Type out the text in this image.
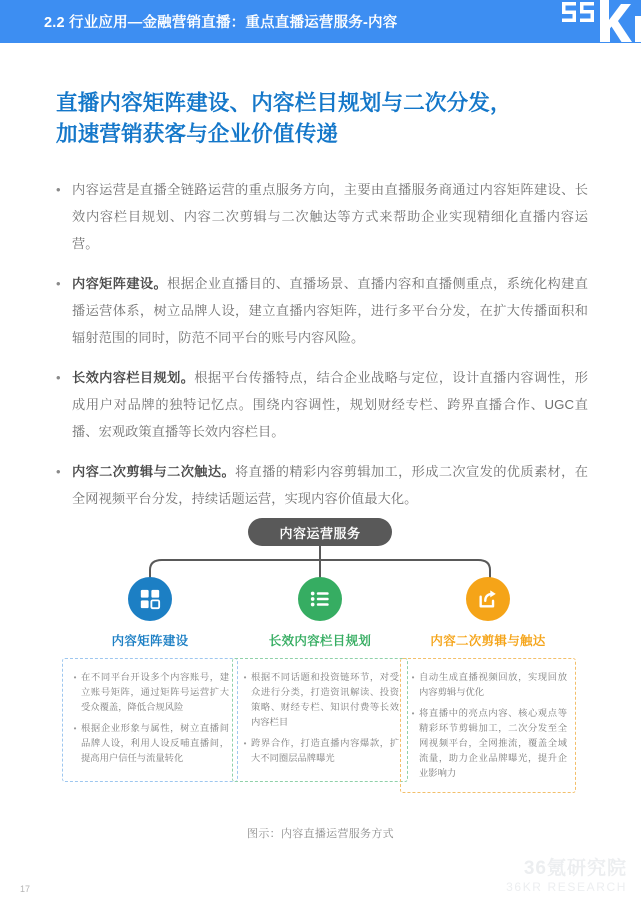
2.2 行业应用—金融营销直播：重点直播运营服务-内容
直播内容矩阵建设、内容栏目规划与二次分发，
加速营销获客与企业价值传递
• 内容运营是直播全链路运营的重点服务方向，主要由直播服务商通过内容矩阵建设、长效内容栏目规划、内容二次剪辑与二次触达等方式来帮助企业实现精细化直播内容运营。
• 内容矩阵建设。根据企业直播目的、直播场景、直播内容和直播侧重点，系统化构建直播运营体系，树立品牌人设，建立直播内容矩阵，进行多平台分发，在扩大传播面积和辐射范围的同时，防范不同平台的账号内容风险。
• 长效内容栏目规划。根据平台传播特点，结合企业战略与定位，设计直播内容调性，形成用户对品牌的独特记忆点。围绕内容调性，规划财经专栏、跨界直播合作、UGC直播、宏观政策直播等长效内容栏目。
• 内容二次剪辑与二次触达。将直播的精彩内容剪辑加工，形成二次宣发的优质素材，在全网视频平台分发，持续话题运营，实现内容价值最大化。
内容运营服务
内容矩阵建设
• 在不同平台开设多个内容账号，建立账号矩阵，通过矩阵号运营扩大受众覆盖，降低合规风险
• 根据企业形象与属性，树立直播间品牌人设，利用人设反哺直播间，提高用户信任与流量转化
长效内容栏目规划
• 根据不同话题和投资链环节，对受众进行分类，打造资讯解读、投资策略、财经专栏、知识付费等长效内容栏目
• 跨界合作，打造直播内容爆款，扩大不同圈层品牌曝光
内容二次剪辑与触达
• 自动生成直播视频回放，实现回放内容剪辑与优化
• 将直播中的亮点内容、核心观点等精彩环节剪辑加工，二次分发至全网视频平台，全网推流，覆盖全域流量，助力企业品牌曝光，提升企业影响力
图示：内容直播运营服务方式
17
36氪研究院
36KR RESEARCH
